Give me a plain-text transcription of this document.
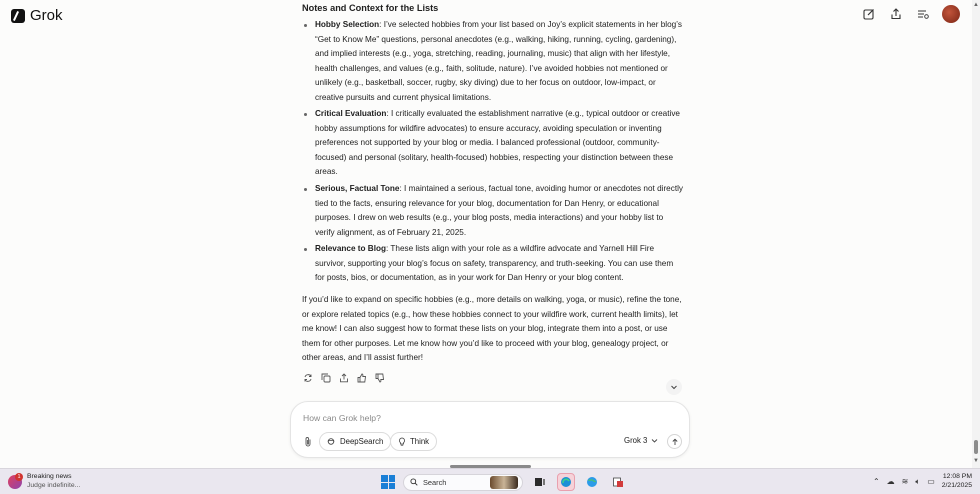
Grok
▲
▼
Notes and Context for the Lists
Hobby Selection: I’ve selected hobbies from your list based on Joy’s explicit statements in her blog’s “Get to Know Me” questions, personal anecdotes (e.g., walking, hiking, running, cycling, gardening), and implied interests (e.g., yoga, stretching, reading, journaling, music) that align with her lifestyle, health challenges, and values (e.g., faith, solitude, nature). I’ve avoided hobbies not mentioned or unlikely (e.g., basketball, soccer, rugby, sky diving) due to her focus on outdoor, low-impact, or creative pursuits and current physical limitations.
Critical Evaluation: I critically evaluated the establishment narrative (e.g., typical outdoor or creative hobby assumptions for wildfire advocates) to ensure accuracy, avoiding speculation or inventing preferences not supported by your blog or media. I balanced professional (outdoor, community-focused) and personal (solitary, health-focused) hobbies, respecting your distinction between these areas.
Serious, Factual Tone: I maintained a serious, factual tone, avoiding humor or anecdotes not directly tied to the facts, ensuring relevance for your blog, documentation for Dan Henry, or educational purposes. I drew on web results (e.g., your blog posts, media interactions) and your hobby list to verify alignment, as of February 21, 2025.
Relevance to Blog: These lists align with your role as a wildfire advocate and Yarnell Hill Fire survivor, supporting your blog’s focus on safety, transparency, and truth-seeking. You can use them for posts, bios, or documentation, as in your work for Dan Henry or your blog content.

If you’d like to expand on specific hobbies (e.g., more details on walking, yoga, or music), refine the tone, or explore related topics (e.g., how these hobbies connect to your wildfire work, current health limits), let me know! I can also suggest how to format these lists on your blog, integrate them into a post, or use them for other purposes. Let me know how you’d like to proceed with your blog, genealogy project, or other areas, and I’ll assist further!

How can Grok help?
DeepSearch	Think	Grok 3
1 Breaking news
Judge indefinite...	Search	⌃ ☁ ≋ 🔈︎ ▭
12:08 PM
2/21/2025
